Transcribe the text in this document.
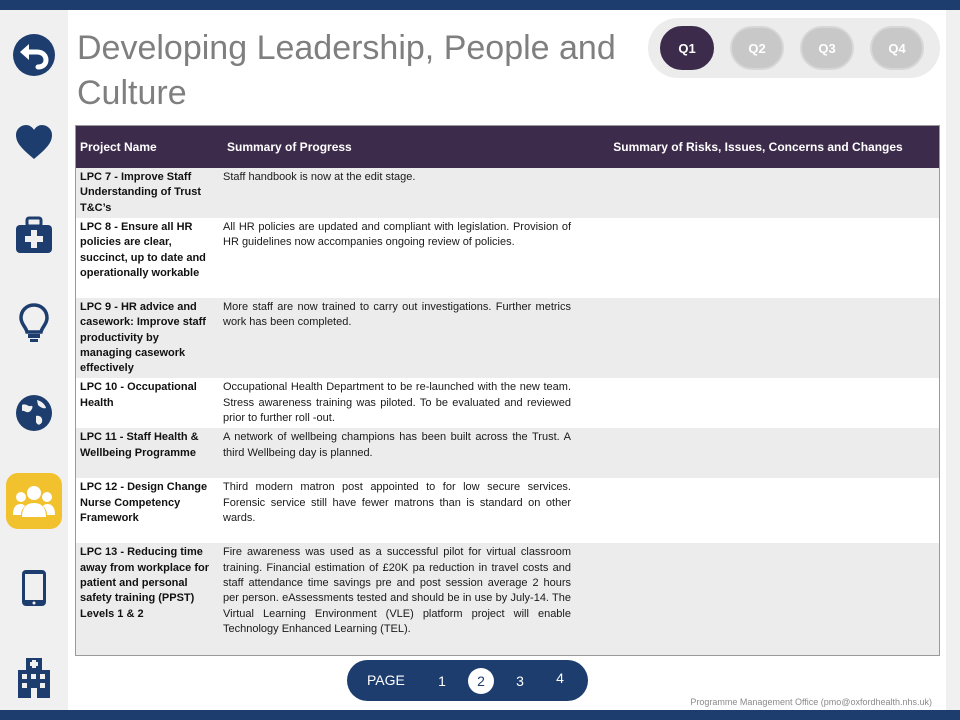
Developing Leadership, People and Culture
Q1	Q2	Q3	Q4
Project Name	Summary of Progress	Summary of Risks, Issues, Concerns and Changes
LPC 7 - Improve Staff Understanding of Trust T&C’s	Staff handbook is now at the edit stage.	
LPC 8 - Ensure all HR policies are clear, succinct, up to date and operationally workable	All HR policies are updated and compliant with legislation. Provision of HR guidelines now accompanies ongoing review of policies.	
LPC 9 - HR advice and casework: Improve staff productivity by managing casework effectively	More staff are now trained to carry out investigations. Further metrics work has been completed.	
LPC 10 - Occupational Health	Occupational Health Department to be re-launched with the new team. Stress awareness training was piloted. To be evaluated and reviewed prior to further roll -out.	
LPC 11 - Staff Health & Wellbeing Programme	A network of wellbeing champions has been built across the Trust. A third Wellbeing day is planned.	
LPC 12 - Design Change Nurse Competency Framework	Third modern matron post appointed to for low secure services. Forensic service still have fewer matrons than is standard on other wards.	
LPC 13 - Reducing time away from workplace for patient and personal safety training (PPST) Levels 1 & 2	Fire awareness was used as a successful pilot for virtual classroom training. Financial estimation of £20K pa reduction in travel costs and staff attendance time savings pre and post session average 2 hours per person. eAssessments tested and should be in use by July-14. The Virtual Learning Environment (VLE) platform project will enable Technology Enhanced Learning (TEL).	
PAGE	1	2	3	4
Programme Management Office (pmo@oxfordhealth.nhs.uk)
